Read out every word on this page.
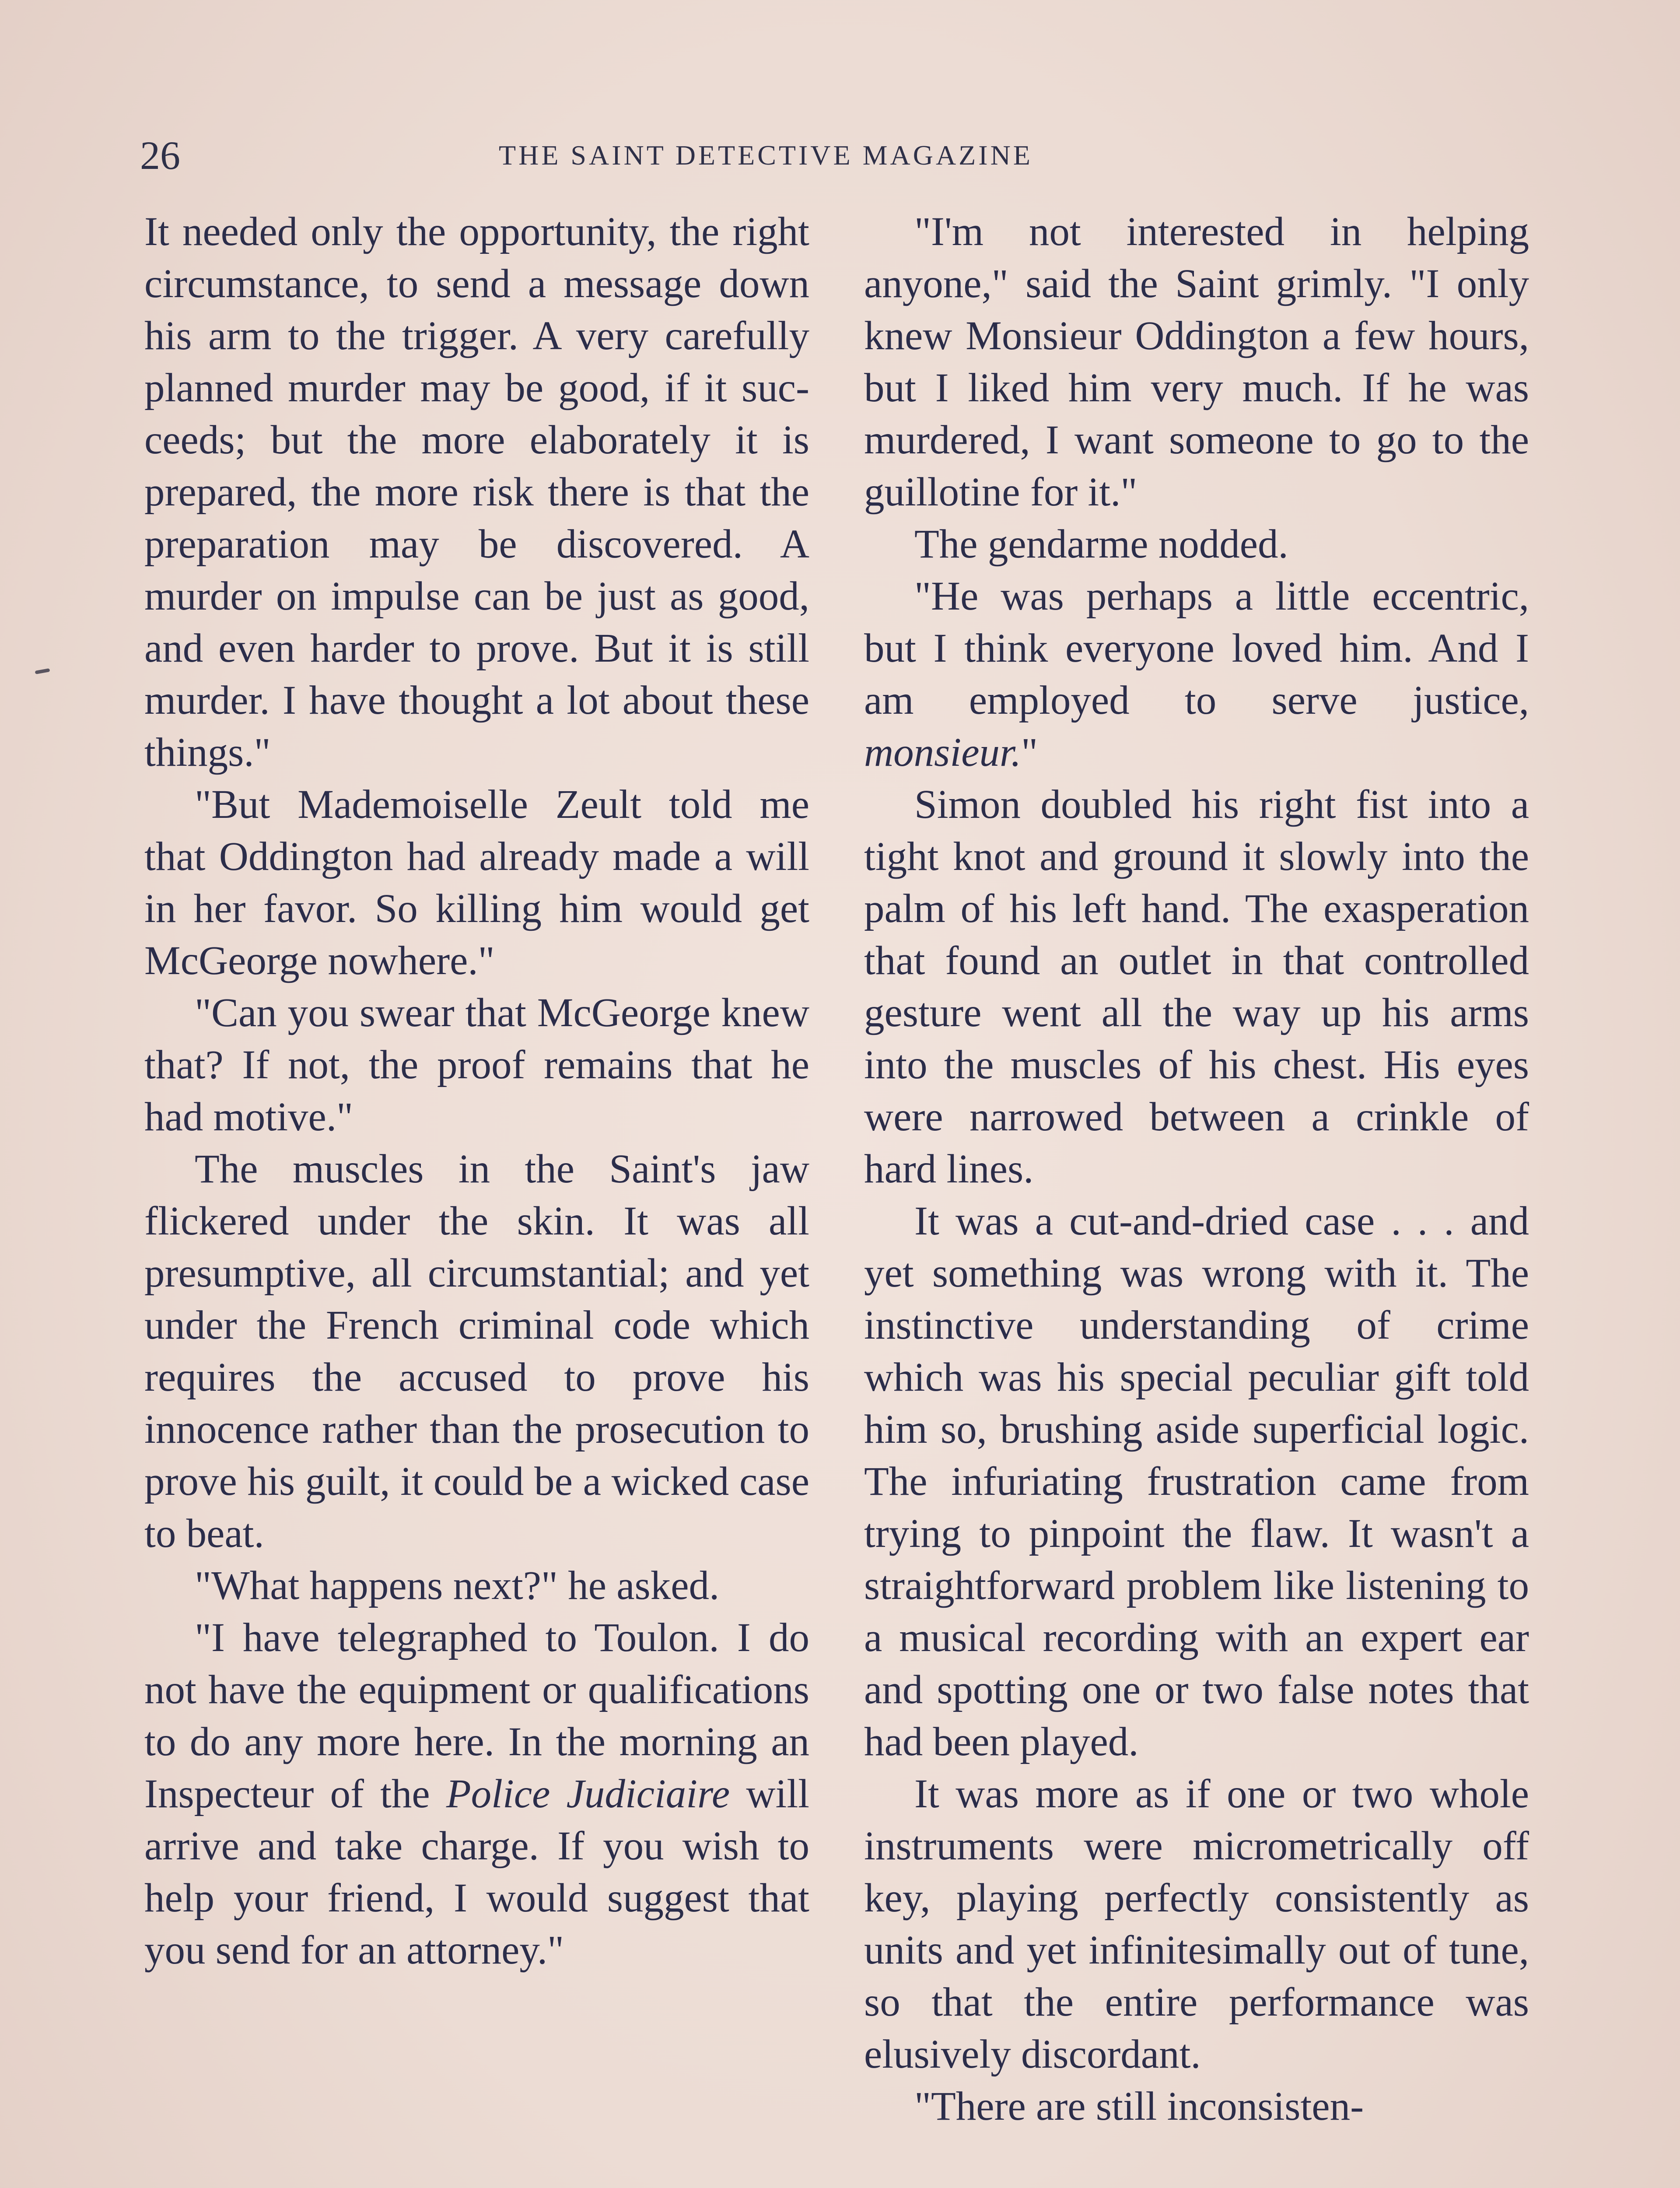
26	THE SAINT DETECTIVE MAGAZINE

It needed only the opportunity, the right circumstance, to send a message down his arm to the trigger. A very carefully planned murder may be good, if it succeeds; but the more elaborately it is prepared, the more risk there is that the preparation may be discovered. A murder on impulse can be just as good, and even harder to prove. But it is still murder. I have thought a lot about these things."

"But Mademoiselle Zeult told me that Oddington had already made a will in her favor. So killing him would get McGeorge nowhere."

"Can you swear that McGeorge knew that? If not, the proof remains that he had motive."

The muscles in the Saint's jaw flickered under the skin. It was all presumptive, all circumstantial; and yet under the French criminal code which requires the accused to prove his innocence rather than the prosecution to prove his guilt, it could be a wicked case to beat.

"What happens next?" he asked.

"I have telegraphed to Toulon. I do not have the equipment or qualifications to do any more here. In the morning an Inspecteur of the Police Judiciaire will arrive and take charge. If you wish to help your friend, I would suggest that you send for an attorney."

"I'm not interested in helping anyone," said the Saint grimly. "I only knew Monsieur Oddington a few hours, but I liked him very much. If he was murdered, I want someone to go to the guillotine for it."

The gendarme nodded.

"He was perhaps a little eccentric, but I think everyone loved him. And I am employed to serve justice, monsieur."

Simon doubled his right fist into a tight knot and ground it slowly into the palm of his left hand. The exasperation that found an outlet in that controlled gesture went all the way up his arms into the muscles of his chest. His eyes were narrowed between a crinkle of hard lines.

It was a cut-and-dried case . . . and yet something was wrong with it. The instinctive understanding of crime which was his special peculiar gift told him so, brushing aside superficial logic. The infuriating frustration came from trying to pinpoint the flaw. It wasn't a straightforward problem like listening to a musical recording with an expert ear and spotting one or two false notes that had been played.

It was more as if one or two whole instruments were micrometrically off key, playing perfectly consistently as units and yet infinitesimally out of tune, so that the entire performance was elusively discordant.

"There are still inconsisten-
